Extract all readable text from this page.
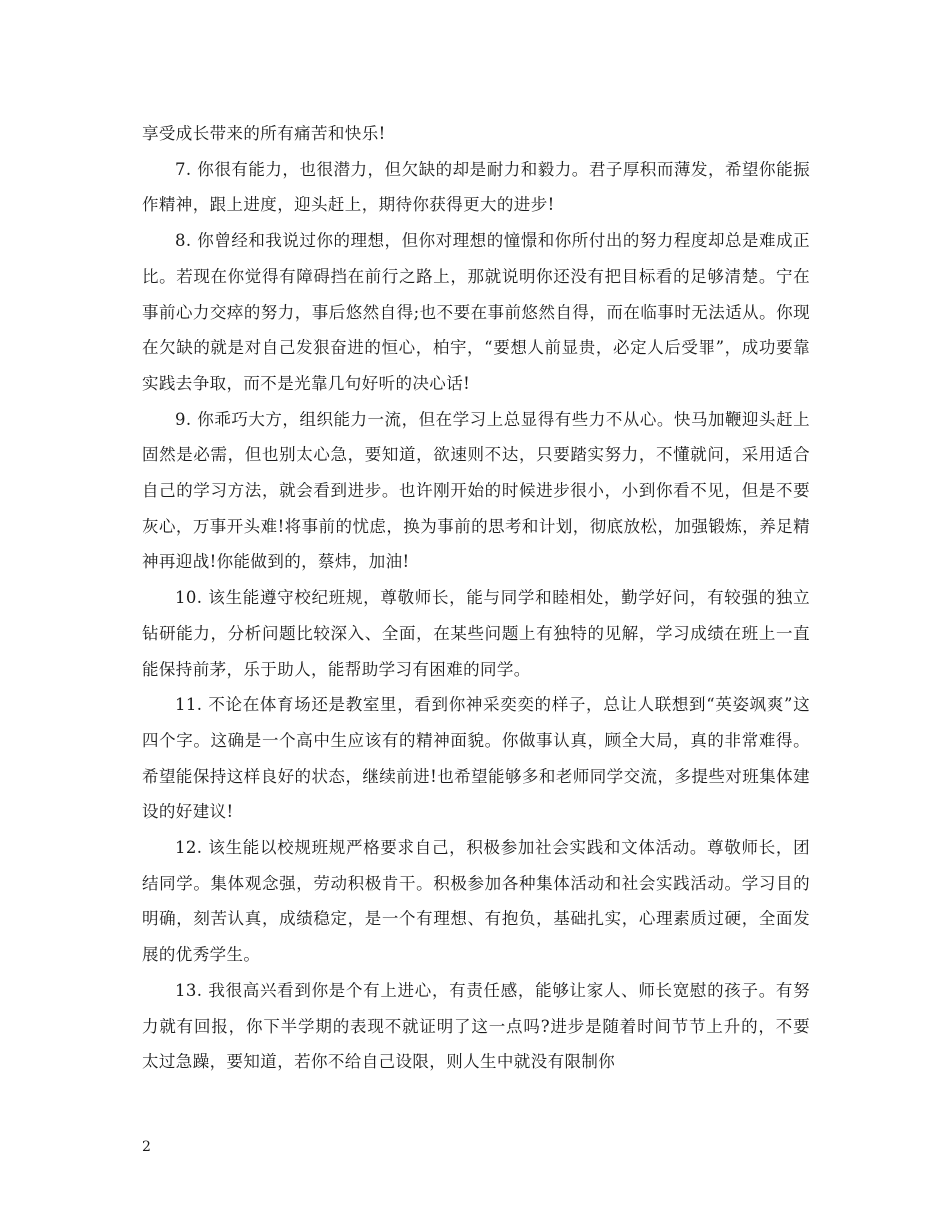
享受成长带来的所有痛苦和快乐!

7. 你很有能力，也很潜力，但欠缺的却是耐力和毅力。君子厚积而薄发，希望你能振作精神，跟上进度，迎头赶上，期待你获得更大的进步!

8. 你曾经和我说过你的理想，但你对理想的憧憬和你所付出的努力程度却总是难成正比。若现在你觉得有障碍挡在前行之路上，那就说明你还没有把目标看的足够清楚。宁在事前心力交瘁的努力，事后悠然自得;也不要在事前悠然自得，而在临事时无法适从。你现在欠缺的就是对自己发狠奋进的恒心，柏宇，“要想人前显贵，必定人后受罪”，成功要靠实践去争取，而不是光靠几句好听的决心话!

9. 你乖巧大方，组织能力一流，但在学习上总显得有些力不从心。快马加鞭迎头赶上固然是必需，但也别太心急，要知道，欲速则不达，只要踏实努力，不懂就问，采用适合自己的学习方法，就会看到进步。也许刚开始的时候进步很小，小到你看不见，但是不要灰心，万事开头难!将事前的忧虑，换为事前的思考和计划，彻底放松，加强锻炼，养足精神再迎战!你能做到的，蔡炜，加油!

10. 该生能遵守校纪班规，尊敬师长，能与同学和睦相处，勤学好问，有较强的独立钻研能力，分析问题比较深入、全面，在某些问题上有独特的见解，学习成绩在班上一直能保持前茅，乐于助人，能帮助学习有困难的同学。

11. 不论在体育场还是教室里，看到你神采奕奕的样子，总让人联想到“英姿飒爽”这四个字。这确是一个高中生应该有的精神面貌。你做事认真，顾全大局，真的非常难得。希望能保持这样良好的状态，继续前进!也希望能够多和老师同学交流，多提些对班集体建设的好建议!

12. 该生能以校规班规严格要求自己，积极参加社会实践和文体活动。尊敬师长，团结同学。集体观念强，劳动积极肯干。积极参加各种集体活动和社会实践活动。学习目的明确，刻苦认真，成绩稳定，是一个有理想、有抱负，基础扎实，心理素质过硬，全面发展的优秀学生。

13. 我很高兴看到你是个有上进心，有责任感，能够让家人、师长宽慰的孩子。有努力就有回报，你下半学期的表现不就证明了这一点吗?进步是随着时间节节上升的，不要太过急躁，要知道，若你不给自己设限，则人生中就没有限制你

2
